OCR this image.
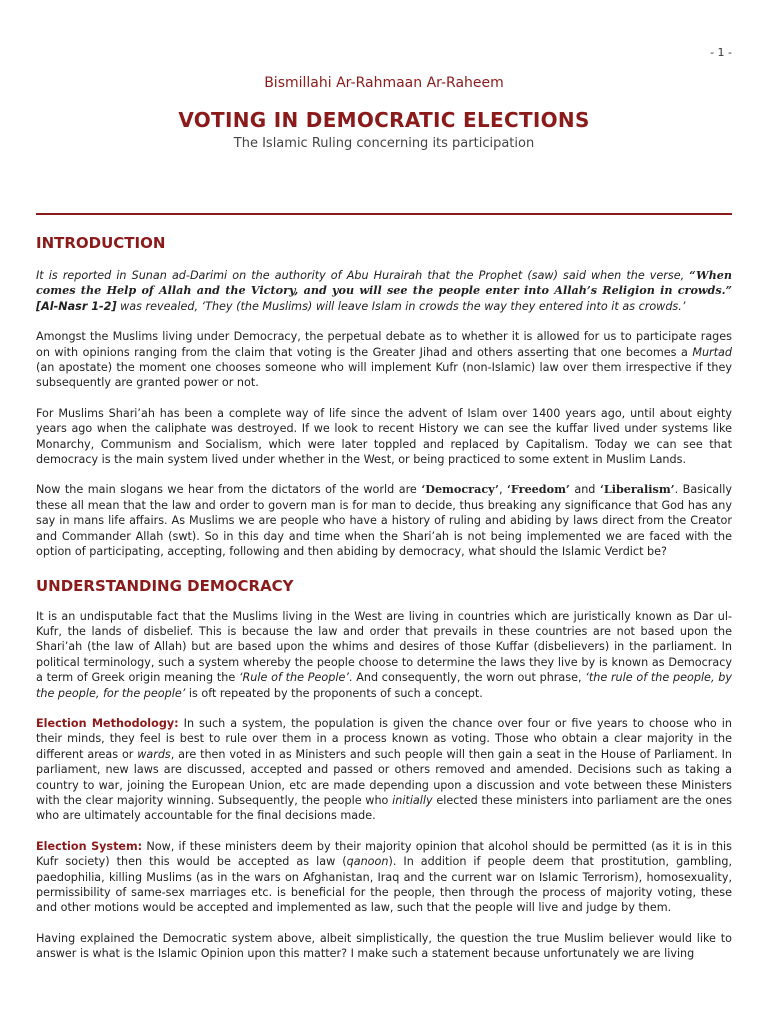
- 1 -
Bismillahi Ar-Rahmaan Ar-Raheem
VOTING IN DEMOCRATIC ELECTIONS
The Islamic Ruling concerning its participation
INTRODUCTION

It is reported in Sunan ad-Darimi on the authority of Abu Hurairah that the Prophet (saw) said when the verse, “When comes the Help of Allah and the Victory, and you will see the people enter into Allah’s Religion in crowds.” [Al-Nasr 1-2] was revealed, ‘They (the Muslims) will leave Islam in crowds the way they entered into it as crowds.’

Amongst the Muslims living under Democracy, the perpetual debate as to whether it is allowed for us to participate rages on with opinions ranging from the claim that voting is the Greater Jihad and others asserting that one becomes a Murtad (an apostate) the moment one chooses someone who will implement Kufr (non-Islamic) law over them irrespective if they subsequently are granted power or not.

For Muslims Shari’ah has been a complete way of life since the advent of Islam over 1400 years ago, until about eighty years ago when the caliphate was destroyed. If we look to recent History we can see the kuffar lived under systems like Monarchy, Communism and Socialism, which were later toppled and replaced by Capitalism. Today we can see that democracy is the main system lived under whether in the West, or being practiced to some extent in Muslim Lands.

Now the main slogans we hear from the dictators of the world are ‘Democracy’, ‘Freedom’ and ‘Liberalism’. Basically these all mean that the law and order to govern man is for man to decide, thus breaking any significance that God has any say in mans life affairs. As Muslims we are people who have a history of ruling and abiding by laws direct from the Creator and Commander Allah (swt). So in this day and time when the Shari’ah is not being implemented we are faced with the option of participating, accepting, following and then abiding by democracy, what should the Islamic Verdict be?

UNDERSTANDING DEMOCRACY

It is an undisputable fact that the Muslims living in the West are living in countries which are juristically known as Dar ul-Kufr, the lands of disbelief. This is because the law and order that prevails in these countries are not based upon the Shari’ah (the law of Allah) but are based upon the whims and desires of those Kuffar (disbelievers) in the parliament. In political terminology, such a system whereby the people choose to determine the laws they live by is known as Democracy a term of Greek origin meaning the ‘Rule of the People’. And consequently, the worn out phrase, ‘the rule of the people, by the people, for the people’ is oft repeated by the proponents of such a concept.

Election Methodology: In such a system, the population is given the chance over four or five years to choose who in their minds, they feel is best to rule over them in a process known as voting. Those who obtain a clear majority in the different areas or wards, are then voted in as Ministers and such people will then gain a seat in the House of Parliament. In parliament, new laws are discussed, accepted and passed or others removed and amended. Decisions such as taking a country to war, joining the European Union, etc are made depending upon a discussion and vote between these Ministers with the clear majority winning. Subsequently, the people who initially elected these ministers into parliament are the ones who are ultimately accountable for the final decisions made.

Election System: Now, if these ministers deem by their majority opinion that alcohol should be permitted (as it is in this Kufr society) then this would be accepted as law (qanoon). In addition if people deem that prostitution, gambling, paedophilia, killing Muslims (as in the wars on Afghanistan, Iraq and the current war on Islamic Terrorism), homosexuality, permissibility of same-sex marriages etc. is beneficial for the people, then through the process of majority voting, these and other motions would be accepted and implemented as law, such that the people will live and judge by them.

Having explained the Democratic system above, albeit simplistically, the question the true Muslim believer would like to answer is what is the Islamic Opinion upon this matter? I make such a statement because unfortunately we are living
